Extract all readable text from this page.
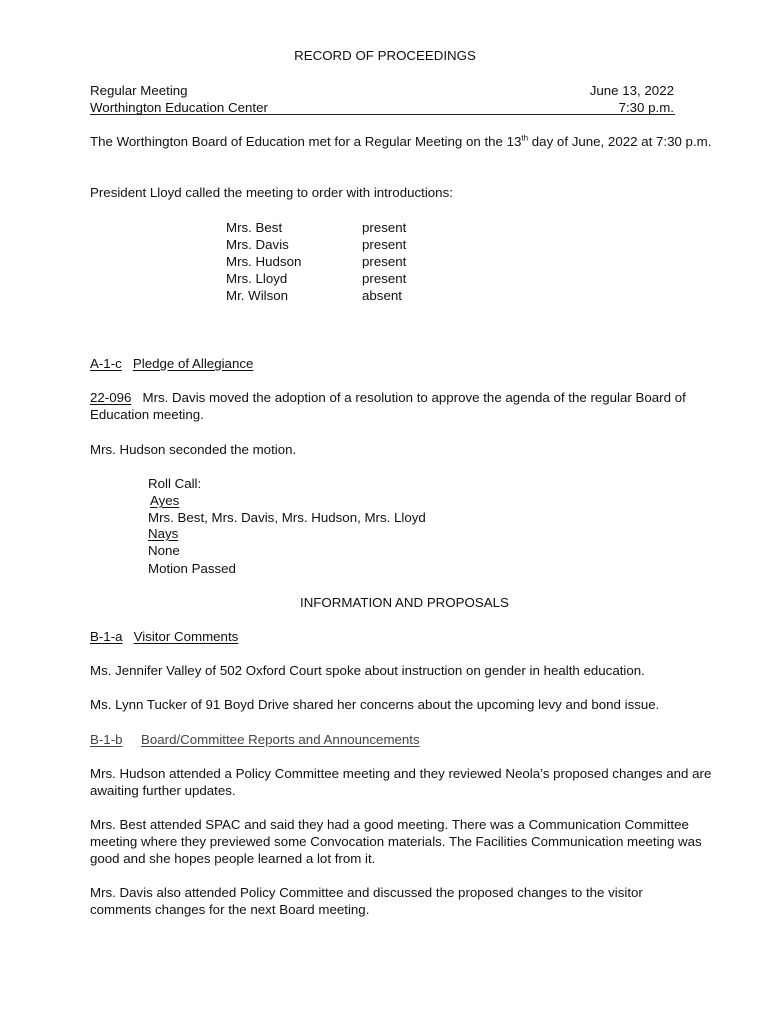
RECORD OF PROCEEDINGS
Regular Meeting	June 13, 2022
Worthington Education Center	7:30 p.m.
The Worthington Board of Education met for a Regular Meeting on the 13th day of June, 2022 at 7:30 p.m.
President Lloyd called the meeting to order with introductions:
Mrs. Best	present
Mrs. Davis	present
Mrs. Hudson	present
Mrs. Lloyd	present
Mr. Wilson	absent
A-1-c Pledge of Allegiance
22-096 Mrs. Davis moved the adoption of a resolution to approve the agenda of the regular Board of Education meeting.
Mrs. Hudson seconded the motion.
Roll Call:
Ayes
Mrs. Best, Mrs. Davis, Mrs. Hudson, Mrs. Lloyd
Nays
None
Motion Passed
INFORMATION AND PROPOSALS
B-1-a Visitor Comments
Ms. Jennifer Valley of 502 Oxford Court spoke about instruction on gender in health education.
Ms. Lynn Tucker of 91 Boyd Drive shared her concerns about the upcoming levy and bond issue.
B-1-b Board/Committee Reports and Announcements
Mrs. Hudson attended a Policy Committee meeting and they reviewed Neola’s proposed changes and are awaiting further updates.
Mrs. Best attended SPAC and said they had a good meeting. There was a Communication Committee meeting where they previewed some Convocation materials. The Facilities Communication meeting was good and she hopes people learned a lot from it.
Mrs. Davis also attended Policy Committee and discussed the proposed changes to the visitor comments changes for the next Board meeting.
